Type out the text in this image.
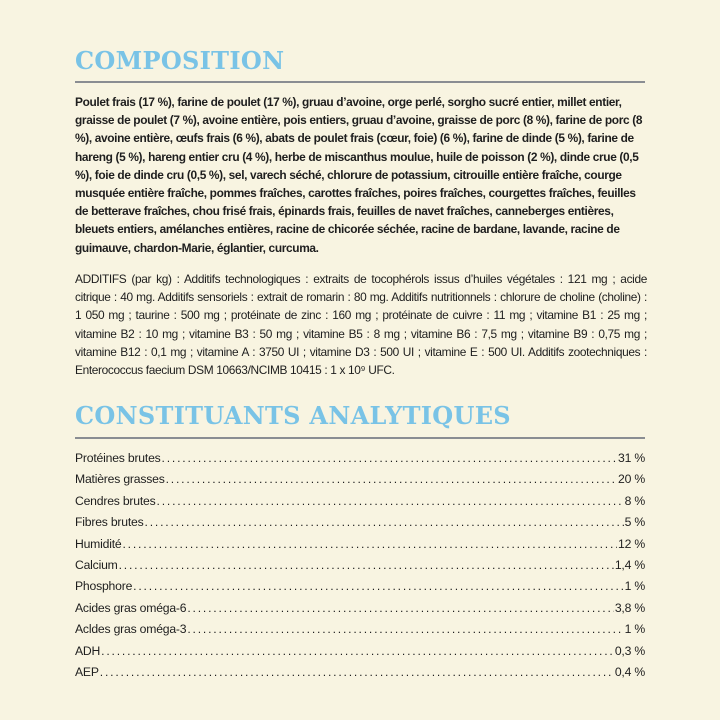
COMPOSITION

Poulet frais (17 %), farine de poulet (17 %), gruau d’avoine, orge perlé, sorgho sucré entier, millet entier, graisse de poulet (7 %), avoine entière, pois entiers, gruau d’avoine, graisse de porc (8 %), farine de porc (8 %), avoine entière, œufs frais (6 %), abats de poulet frais (cœur, foie) (6 %), farine de dinde (5 %), farine de hareng (5 %), hareng entier cru (4 %), herbe de miscanthus moulue, huile de poisson (2 %), dinde crue (0,5 %), foie de dinde cru (0,5 %), sel, varech séché, chlorure de potassium, citrouille entière fraîche, courge musquée entière fraîche, pommes fraîches, carottes fraîches, poires fraîches, courgettes fraîches, feuilles de betterave fraîches, chou frisé frais, épinards frais, feuilles de navet fraîches, canneberges entières, bleuets entiers, amélanches entières, racine de chicorée séchée, racine de bardane, lavande, racine de guimauve, chardon-Marie, églantier, curcuma.

ADDITIFS (par kg) : Additifs technologiques : extraits de tocophérols issus d’huiles végétales : 121 mg ; acide citrique : 40 mg. Additifs sensoriels : extrait de romarin : 80 mg. Additifs nutritionnels : chlorure de choline (choline) : 1 050 mg ; taurine : 500 mg ; protéinate de zinc : 160 mg ; protéinate de cuivre : 11 mg ; vitamine B1 : 25 mg ; vitamine B2 : 10 mg ; vitamine B3 : 50 mg ; vitamine B5 : 8 mg ; vitamine B6 : 7,5 mg ; vitamine B9 : 0,75 mg ; vitamine B12 : 0,1 mg ; vitamine A : 3750 UI ; vitamine D3 : 500 UI ; vitamine E : 500 UI. Additifs zootechniques : Enterococcus faecium DSM 10663/NCIMB 10415 : 1 x 10⁹ UFC.

CONSTITUANTS ANALYTIQUES
Protéines brutes .....	31 %
Matières grasses .....	20 %
Cendres brutes .....	8 %
Fibres brutes .....	5 %
Humidité .....	12 %
Calcium .....	1,4 %
Phosphore .....	1 %
Acides gras oméga-6 .....	3,8 %
Acldes gras oméga-3 .....	1 %
ADH .....	0,3 %
AEP .....	0,4 %
